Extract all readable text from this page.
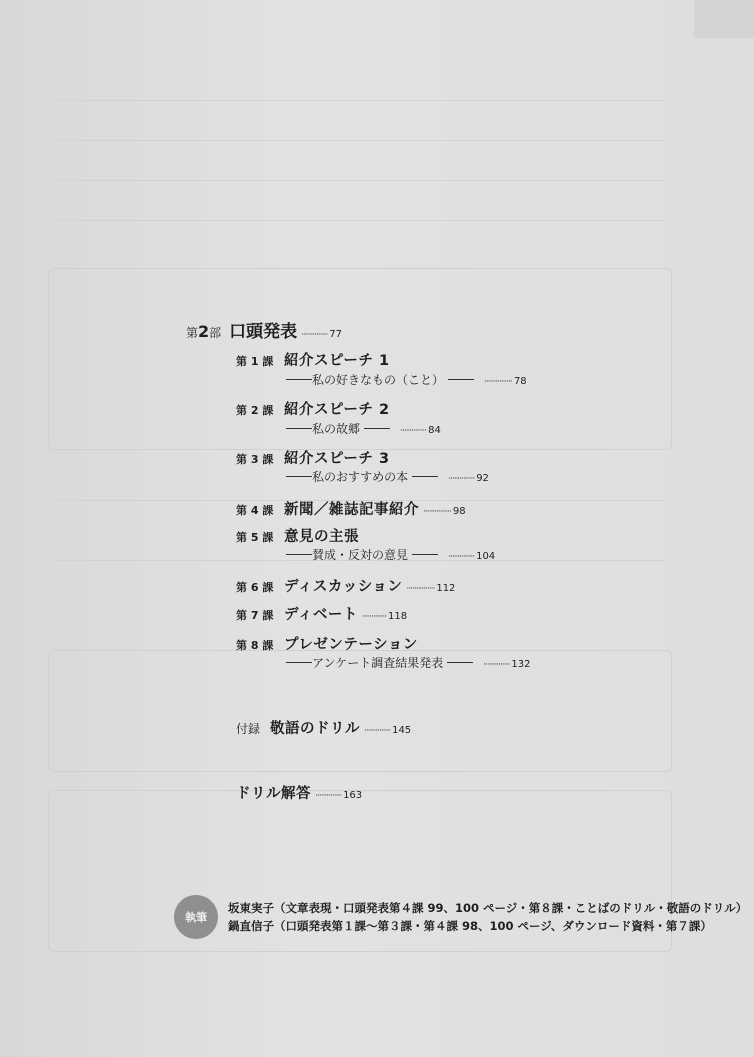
第2部 口頭発表 ·············· 77
第 1 課 紹介スピーチ 1
私の好きなもの（こと）	··············· 78
第 2 課 紹介スピーチ 2
私の故郷	·············· 84
第 3 課 紹介スピーチ 3
私のおすすめの本	·············· 92
第 4 課 新聞／雑誌記事紹介 ··············· 98
第 5 課 意見の主張
賛成・反対の意見	·············· 104
第 6 課 ディスカッション ··············· 112
第 7 課 ディベート ············· 118
第 8 課 プレゼンテーション
アンケート調査結果発表	·············· 132
付録 敬語のドリル ·············· 145
ドリル解答 ·············· 163
執筆
坂東実子（文章表現・口頭発表第４課 99、100 ページ・第８課・ことばのドリル・敬語のドリル）
鍋直信子（口頭発表第１課〜第３課・第４課 98、100 ページ、ダウンロード資料・第７課）
